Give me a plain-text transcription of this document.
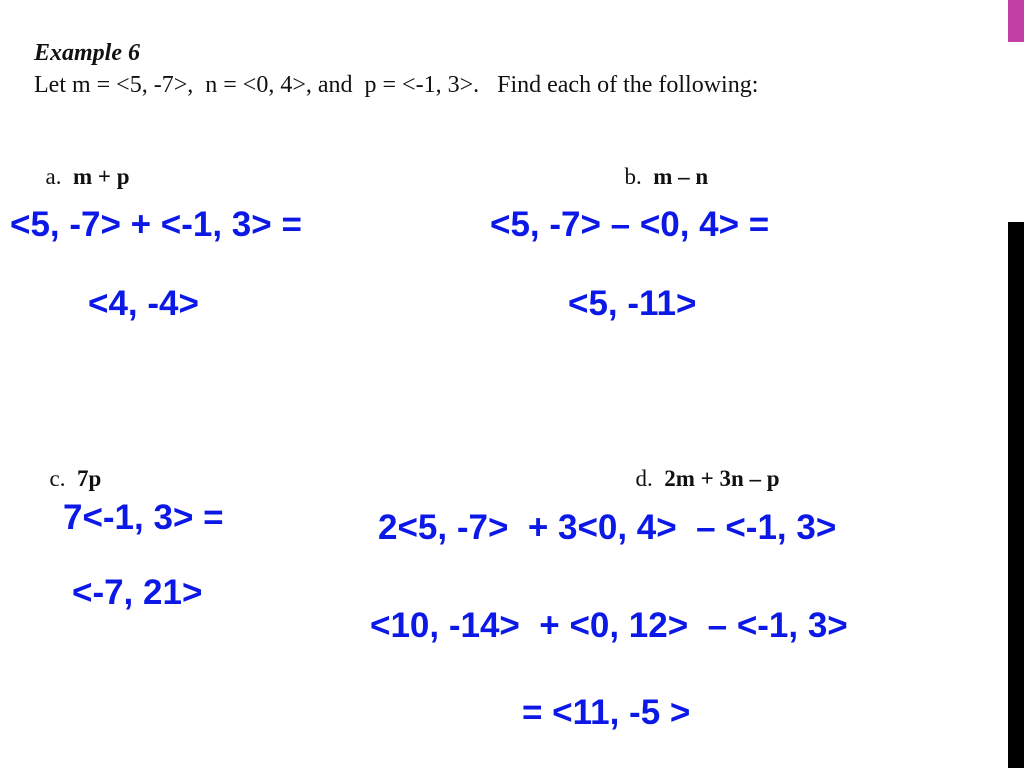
Example 6
Let m = <5, -7>,  n = <0, 4>, and  p = <-1, 3>.   Find each of the following:

a. m + p

<5, -7> + <-1, 3> =
<4, -4>

b. m – n

<5, -7> – <0, 4> =
<5, -11>

c. 7p

7<-1, 3> =
<-7, 21>

d. 2m + 3n – p

2<5, -7>  + 3<0, 4>  – <-1, 3>
<10, -14>  + <0, 12>  – <-1, 3>
= <11, -5 >
